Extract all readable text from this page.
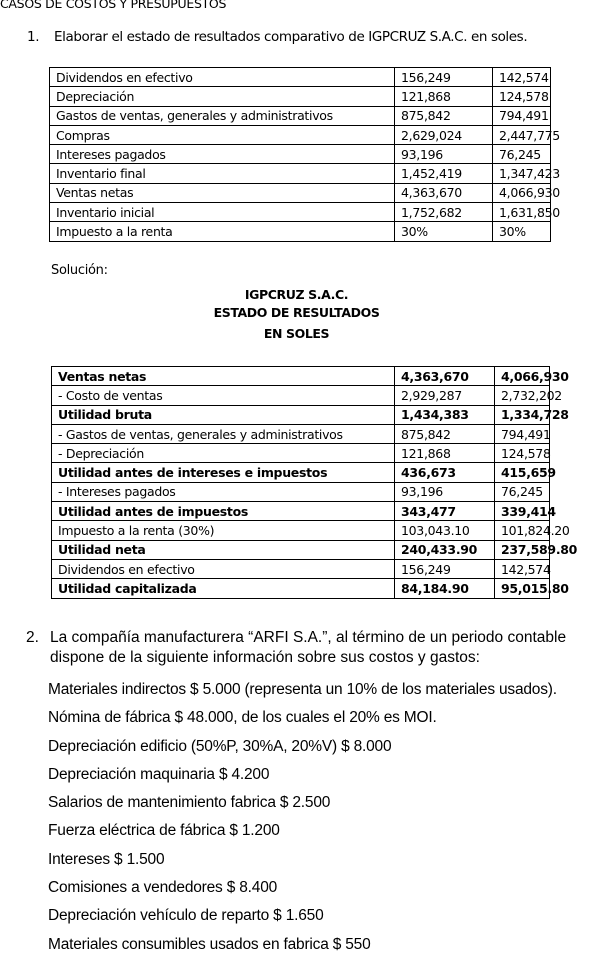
CASOS DE COSTOS Y PRESUPUESTOS
1. Elaborar el estado de resultados comparativo de IGPCRUZ S.A.C. en soles.
Dividendos en efectivo	156,249	142,574
Depreciación	121,868	124,578
Gastos de ventas, generales y administrativos	875,842	794,491
Compras	2,629,024	2,447,775
Intereses pagados	93,196	76,245
Inventario final	1,452,419	1,347,423
Ventas netas	4,363,670	4,066,930
Inventario inicial	1,752,682	1,631,850
Impuesto a la renta	30%	30%
Solución:
IGPCRUZ S.A.C.
ESTADO DE RESULTADOS
EN SOLES
Ventas netas	4,363,670	4,066,930
- Costo de ventas	2,929,287	2,732,202
Utilidad bruta	1,434,383	1,334,728
- Gastos de ventas, generales y administrativos	875,842	794,491
- Depreciación	121,868	124,578
Utilidad antes de intereses e impuestos	436,673	415,659
- Intereses pagados	93,196	76,245
Utilidad antes de impuestos	343,477	339,414
Impuesto a la renta (30%)	103,043.10	101,824.20
Utilidad neta	240,433.90	237,589.80
Dividendos en efectivo	156,249	142,574
Utilidad capitalizada	84,184.90	95,015.80
2. La compañía manufacturera “ARFI S.A.”, al término de un periodo contable dispone de la siguiente información sobre sus costos y gastos:
Materiales indirectos $ 5.000 (representa un 10% de los materiales usados).
Nómina de fábrica $ 48.000, de los cuales el 20% es MOI.
Depreciación edificio (50%P, 30%A, 20%V) $ 8.000
Depreciación maquinaria $ 4.200
Salarios de mantenimiento fabrica $ 2.500
Fuerza eléctrica de fábrica $ 1.200
Intereses $ 1.500
Comisiones a vendedores $ 8.400
Depreciación vehículo de reparto $ 1.650
Materiales consumibles usados en fabrica $ 550
